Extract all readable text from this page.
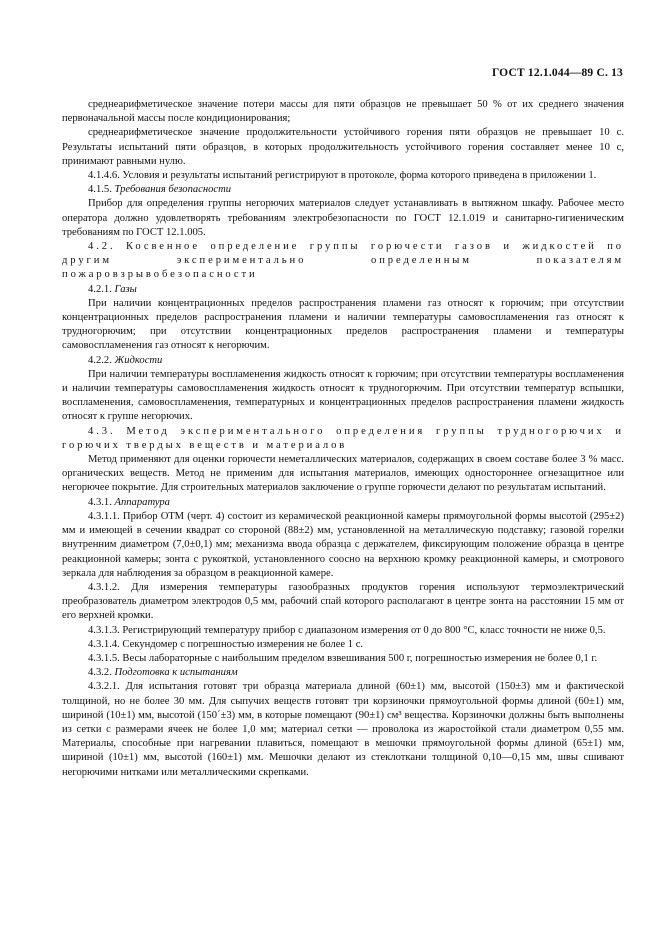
ГОСТ 12.1.044—89 С. 13

среднеарифметическое значение потери массы для пяти образцов не превышает 50 % от их среднего значения первоначальной массы после кондиционирования;

среднеарифметическое значение продолжительности устойчивого горения пяти образцов не превышает 10 с. Результаты испытаний пяти образцов, в которых продолжительность устойчивого горения составляет менее 10 с, принимают равными нулю.

4.1.4.6. Условия и результаты испытаний регистрируют в протоколе, форма которого приведена в приложении 1.

4.1.5. Требования безопасности

Прибор для определения группы негорючих материалов следует устанавливать в вытяжном шкафу. Рабочее место оператора должно удовлетворять требованиям электробезопасности по ГОСТ 12.1.019 и санитарно-гигиеническим требованиям по ГОСТ 12.1.005.

4.2. Косвенное определение группы горючести газов и жидкостей по другим экспериментально определенным показателям пожаровзрывобезопасности

4.2.1. Газы

При наличии концентрационных пределов распространения пламени газ относят к горючим; при отсутствии концентрационных пределов распространения пламени и наличии температуры самовоспламенения газ относят к трудногорючим; при отсутствии концентрационных пределов распространения пламени и температуры самовоспламенения газ относят к негорючим.

4.2.2. Жидкости

При наличии температуры воспламенения жидкость относят к горючим; при отсутствии температуры воспламенения и наличии температуры самовоспламенения жидкость относят к трудногорючим. При отсутствии температур вспышки, воспламенения, самовоспламенения, температурных и концентрационных пределов распространения пламени жидкость относят к группе негорючих.

4.3. Метод экспериментального определения группы трудногорючих и горючих твердых веществ и материалов

Метод применяют для оценки горючести неметаллических материалов, содержащих в своем составе более 3 % масс. органических веществ. Метод не применим для испытания материалов, имеющих одностороннее огнезащитное или негорючее покрытие. Для строительных материалов заключение о группе горючести делают по результатам испытаний.

4.3.1. Аппаратура

4.3.1.1. Прибор ОТМ (черт. 4) состоит из керамической реакционной камеры прямоугольной формы высотой (295±2) мм и имеющей в сечении квадрат со стороной (88±2) мм, установленной на металлическую подставку; газовой горелки внутренним диаметром (7,0±0,1) мм; механизма ввода образца с держателем, фиксирующим положение образца в центре реакционной камеры; зонта с рукояткой, установленного соосно на верхнюю кромку реакционной камеры, и смотрового зеркала для наблюдения за образцом в реакционной камере.

4.3.1.2. Для измерения температуры газообразных продуктов горения используют термоэлектрический преобразователь диаметром электродов 0,5 мм, рабочий спай которого располагают в центре зонта на расстоянии 15 мм от его верхней кромки.

4.3.1.3. Регистрирующий температуру прибор с диапазоном измерения от 0 до 800 °С, класс точности не ниже 0,5.

4.3.1.4. Секундомер с погрешностью измерения не более 1 с.

4.3.1.5. Весы лабораторные с наибольшим пределом взвешивания 500 г, погрешностью измерения не более 0,1 г.

4.3.2. Подготовка к испытаниям

4.3.2.1. Для испытания готовят три образца материала длиной (60±1) мм, высотой (150±3) мм и фактической толщиной, но не более 30 мм. Для сыпучих веществ готовят три корзиночки прямоугольной формы длиной (60±1) мм, шириной (10±1) мм, высотой (150´±3) мм, в которые помещают (90±1) см³ вещества. Корзиночки должны быть выполнены из сетки с размерами ячеек не более 1,0 мм; материал сетки — проволока из жаростойкой стали диаметром 0,55 мм. Материалы, способные при нагревании плавиться, помещают в мешочки прямоугольной формы длиной (65±1) мм, шириной (10±1) мм, высотой (160±1) мм. Мешочки делают из стеклоткани толщиной 0,10—0,15 мм, швы сшивают негорючими нитками или металлическими скрепками.
